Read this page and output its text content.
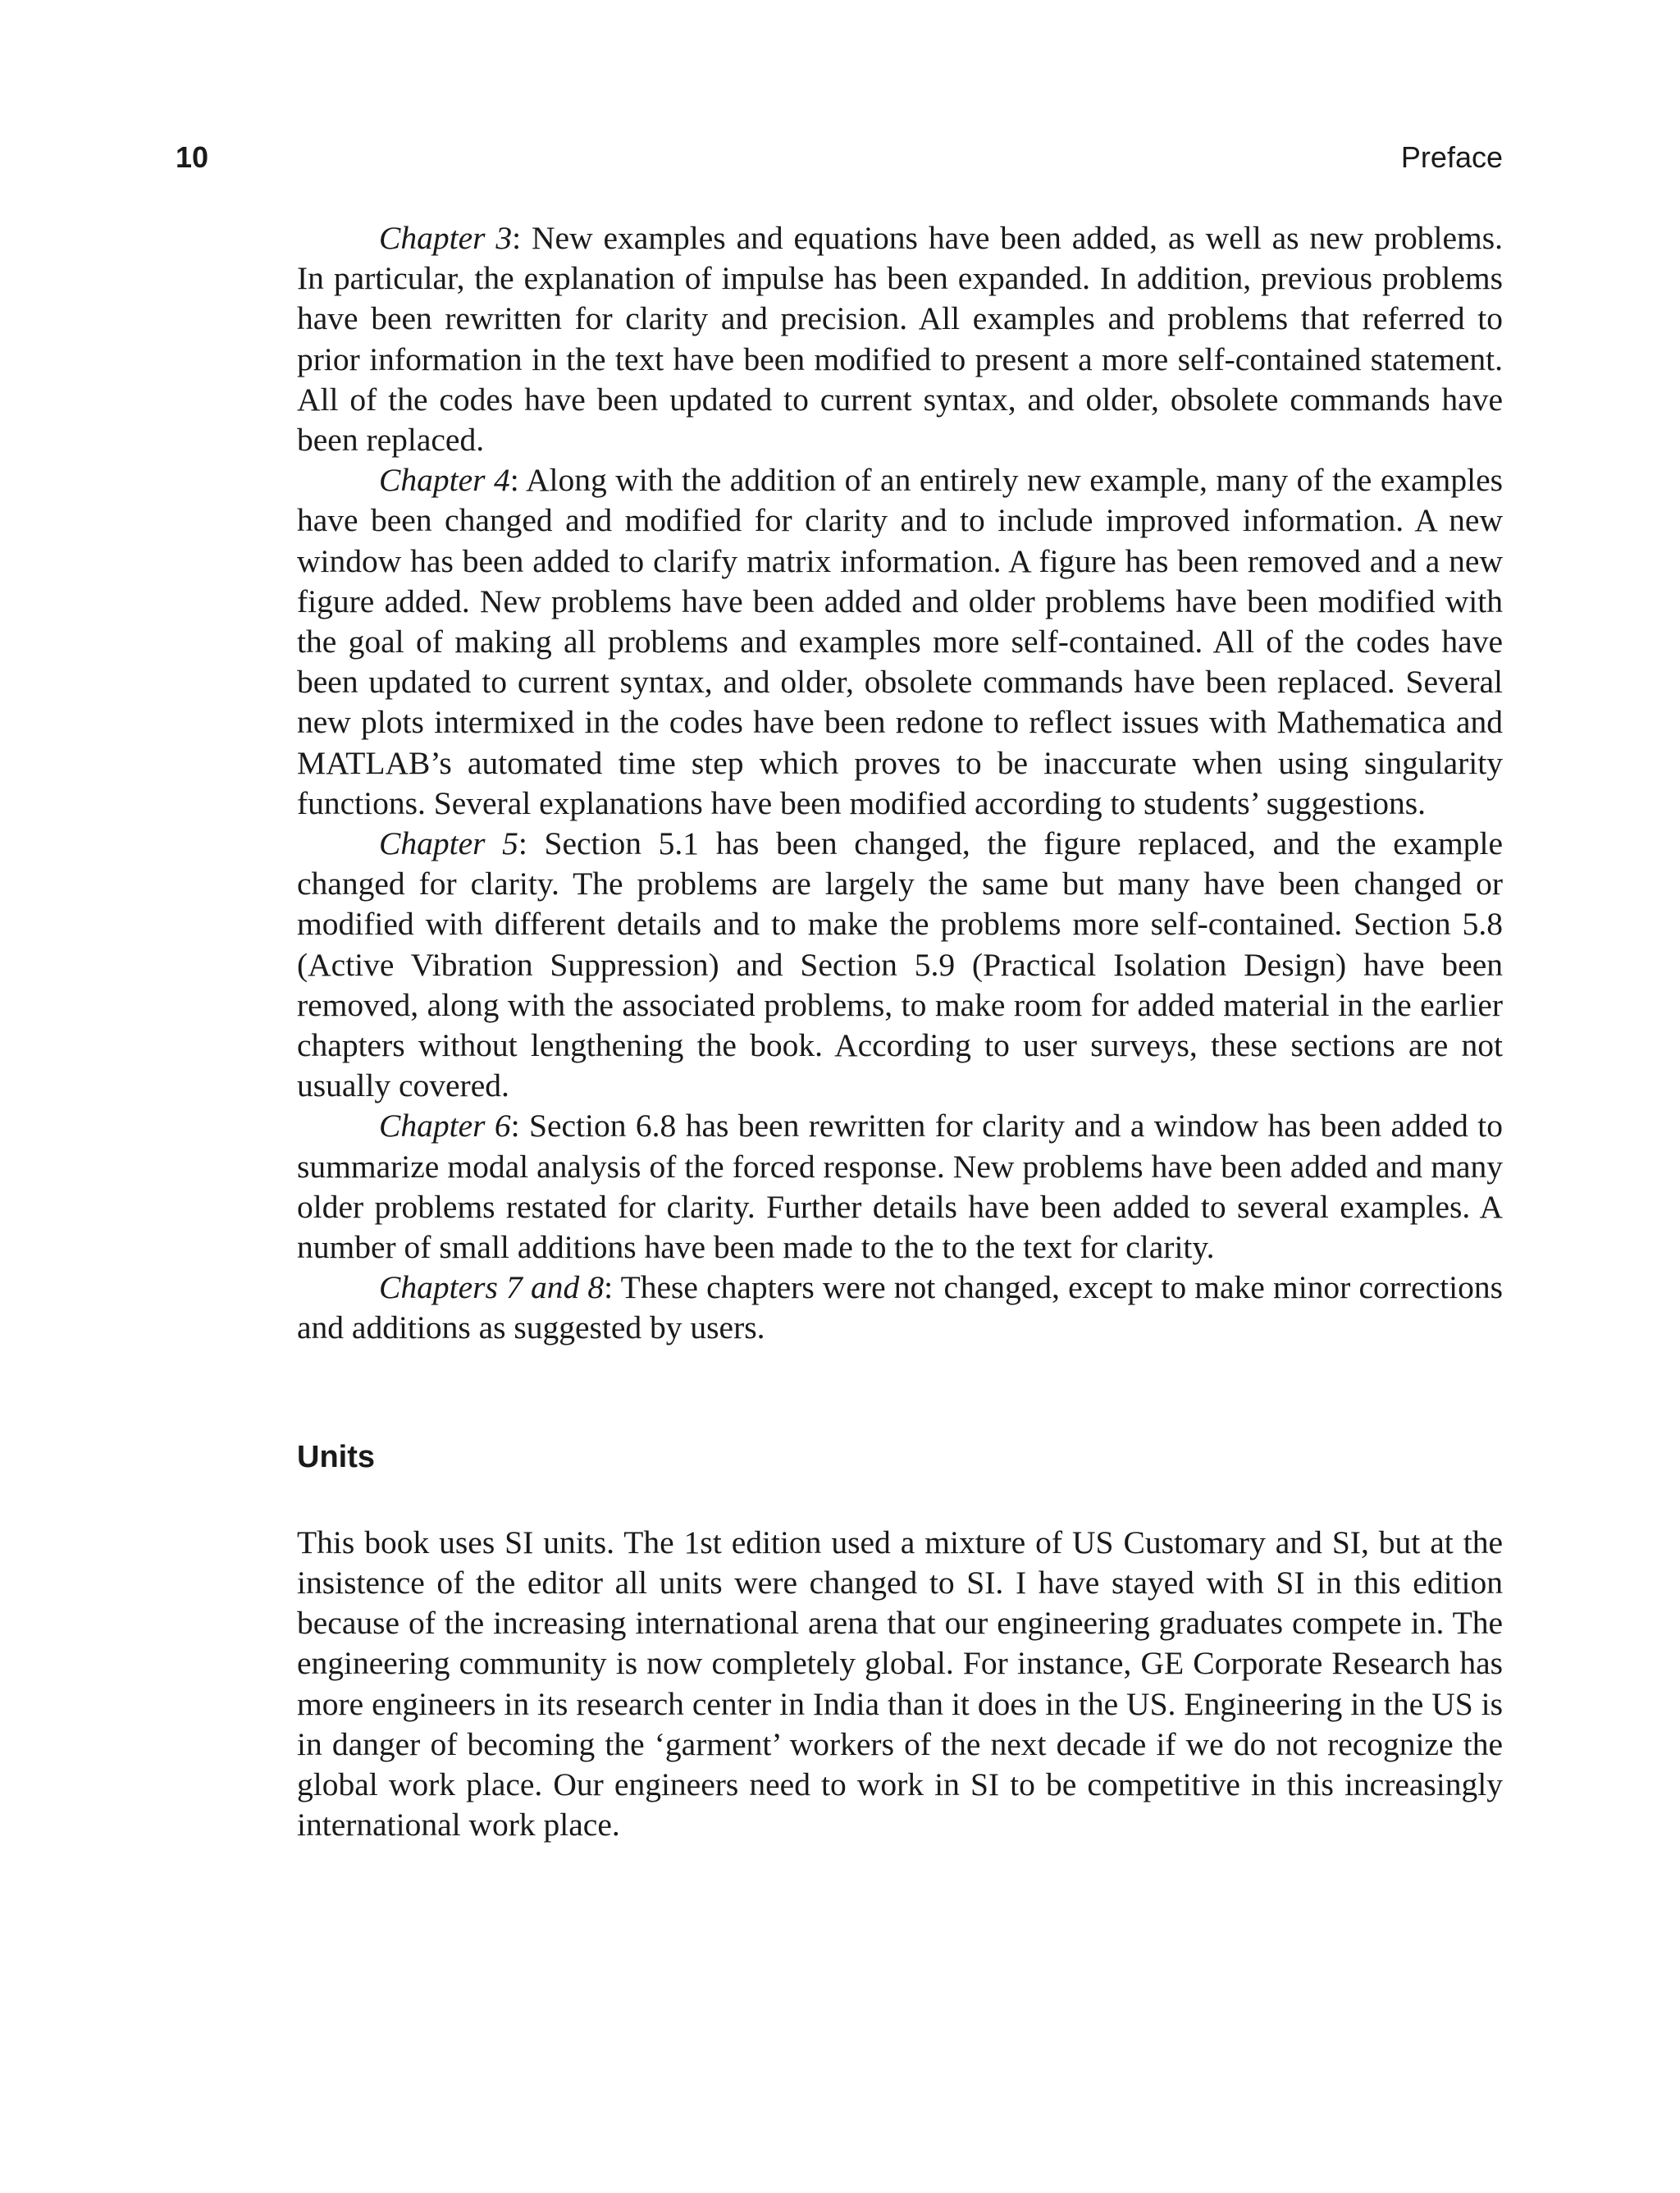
10	Preface

Chapter 3: New examples and equations have been added, as well as new problems. In particular, the explanation of impulse has been expanded. In addition, previous problems have been rewritten for clarity and precision. All examples and problems that referred to prior information in the text have been modified to present a more self-contained statement. All of the codes have been updated to current syntax, and older, obsolete commands have been replaced.

Chapter 4: Along with the addition of an entirely new example, many of the examples have been changed and modified for clarity and to include improved information. A new window has been added to clarify matrix information. A figure has been removed and a new figure added. New problems have been added and older problems have been modified with the goal of making all problems and examples more self-contained. All of the codes have been updated to current syntax, and older, obsolete commands have been replaced. Several new plots intermixed in the codes have been redone to reflect issues with Mathematica and MATLAB’s automated time step which proves to be inaccurate when using singularity functions. Several explanations have been modified according to students’ suggestions.

Chapter 5: Section 5.1 has been changed, the figure replaced, and the example changed for clarity. The problems are largely the same but many have been changed or modified with different details and to make the problems more self-contained. Section 5.8 (Active Vibration Suppression) and Section 5.9 (Practical Isolation Design) have been removed, along with the associated problems, to make room for added material in the earlier chapters without lengthening the book. According to user surveys, these sections are not usually covered.

Chapter 6: Section 6.8 has been rewritten for clarity and a window has been added to summarize modal analysis of the forced response. New problems have been added and many older problems restated for clarity. Further details have been added to several examples. A number of small additions have been made to the to the text for clarity.

Chapters 7 and 8: These chapters were not changed, except to make minor corrections and additions as suggested by users.

Units

This book uses SI units. The 1st edition used a mixture of US Customary and SI, but at the insistence of the editor all units were changed to SI. I have stayed with SI in this edition because of the increasing international arena that our engineering graduates compete in. The engineering community is now completely global. For instance, GE Corporate Research has more engineers in its research center in India than it does in the US. Engineering in the US is in danger of becoming the ‘garment’ workers of the next decade if we do not recognize the global work place. Our engineers need to work in SI to be competitive in this increasingly international work place.
